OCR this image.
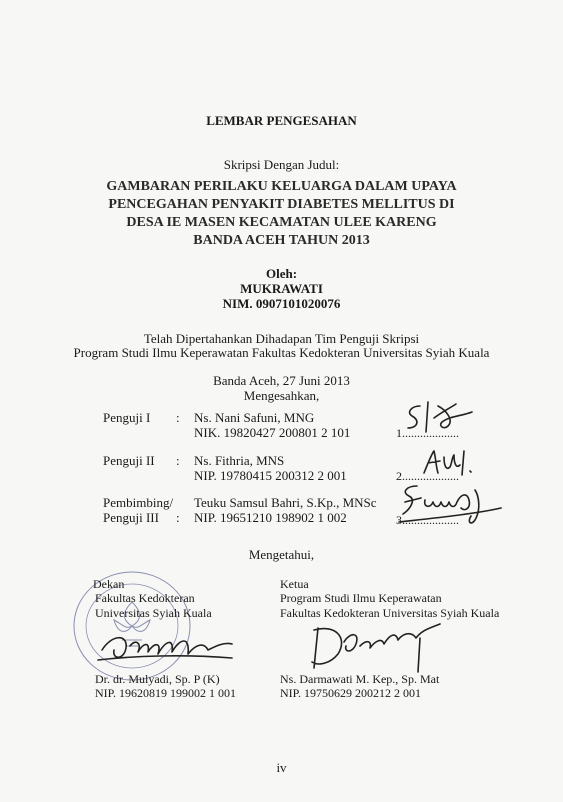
LEMBAR PENGESAHAN
Skripsi Dengan Judul:
GAMBARAN PERILAKU KELUARGA DALAM UPAYA
PENCEGAHAN PENYAKIT DIABETES MELLITUS DI
DESA IE MASEN KECAMATAN ULEE KARENG
BANDA ACEH TAHUN 2013
Oleh:
MUKRAWATI
NIM. 0907101020076
Telah Dipertahankan Dihadapan Tim Penguji Skripsi
Program Studi Ilmu Keperawatan Fakultas Kedokteran Universitas Syiah Kuala
Banda Aceh, 27 Juni 2013
Mengesahkan,
Penguji I : Ns. Nani Safuni, MNG
NIK. 19820427 200801 2 101	1...................
Penguji II : Ns. Fithria, MNS
NIP. 19780415 200312 2 001	2...................
Pembimbing/
Penguji III :
Teuku Samsul Bahri, S.Kp., MNSc
NIP. 19651210 198902 1 002	3...................
Mengetahui,
Dekan
Fakultas Kedokteran
Universitas Syiah Kuala
Dr. dr. Mulyadi, Sp. P (K)
NIP. 19620819 199002 1 001
Ketua
Program Studi Ilmu Keperawatan
Fakultas Kedokteran Universitas Syiah Kuala
Ns. Darmawati M. Kep., Sp. Mat
NIP. 19750629 200212 2 001
iv
